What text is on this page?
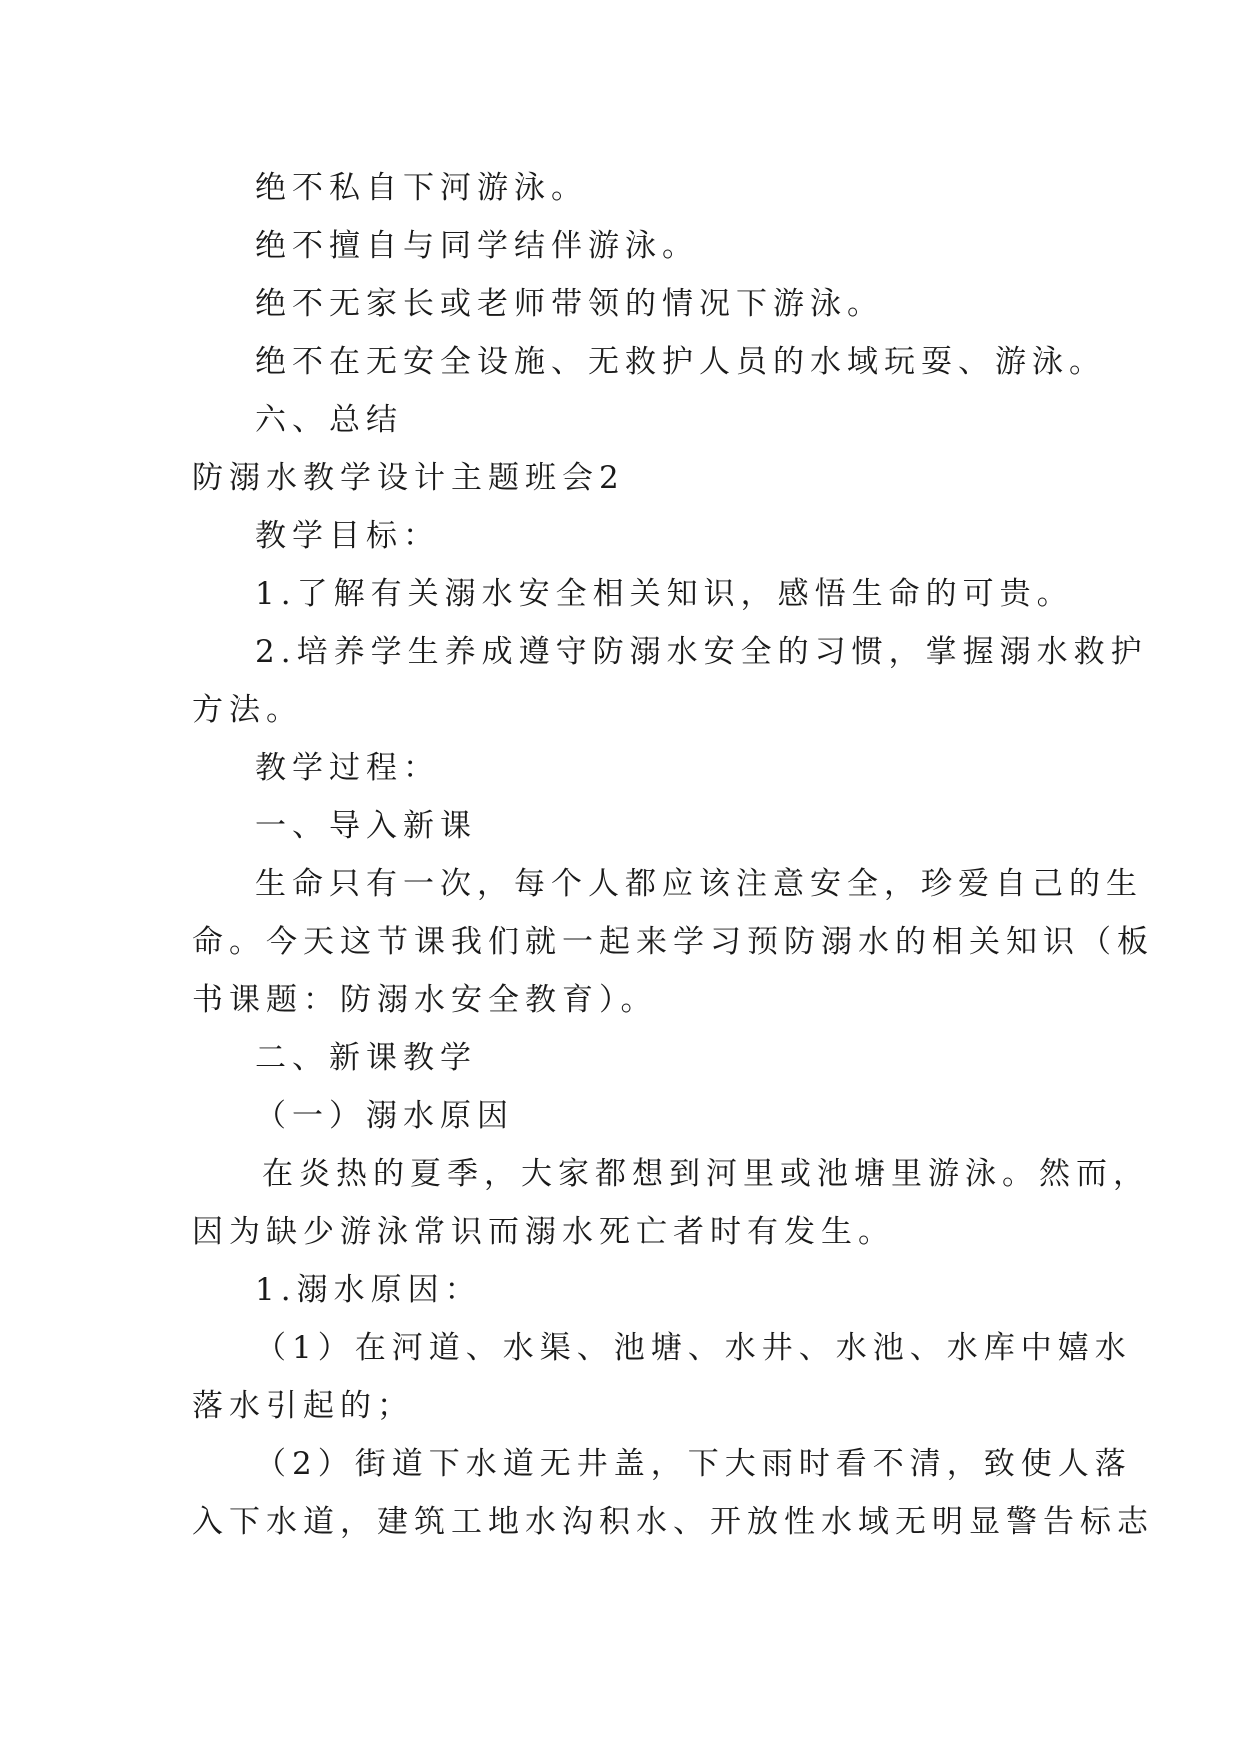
绝不私自下河游泳。
绝不擅自与同学结伴游泳。
绝不无家长或老师带领的情况下游泳。
绝不在无安全设施、无救护人员的水域玩耍、游泳。
六、总结
防溺水教学设计主题班会2
教学目标：
1.了解有关溺水安全相关知识，感悟生命的可贵。
2.培养学生养成遵守防溺水安全的习惯，掌握溺水救护
方法。
教学过程：
一、导入新课
生命只有一次，每个人都应该注意安全，珍爱自己的生
命。今天这节课我们就一起来学习预防溺水的相关知识（板
书课题：防溺水安全教育）。
二、新课教学
（一）溺水原因
在炎热的夏季，大家都想到河里或池塘里游泳。然而，
因为缺少游泳常识而溺水死亡者时有发生。
1.溺水原因：
（1）在河道、水渠、池塘、水井、水池、水库中嬉水
落水引起的；
（2）街道下水道无井盖，下大雨时看不清，致使人落
入下水道，建筑工地水沟积水、开放性水域无明显警告标志
